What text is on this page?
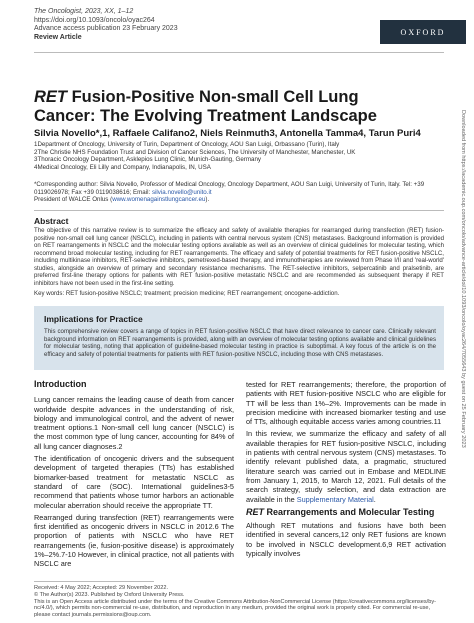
The Oncologist, 2023, XX, 1–12
https://doi.org/10.1093/oncolo/oyac264
Advance access publication 23 February 2023
Review Article
OXFORD
RET Fusion-Positive Non-small Cell Lung Cancer: The Evolving Treatment Landscape
Silvia Novello*,1, Raffaele Califano2, Niels Reinmuth3, Antonella Tamma4, Tarun Puri4
1Department of Oncology, University of Turin, Department of Oncology, AOU San Luigi, Orbassano (Turin), Italy
2The Christie NHS Foundation Trust and Division of Cancer Sciences, The University of Manchester, Manchester, UK
3Thoracic Oncology Department, Asklepios Lung Clinic, Munich-Gauting, Germany
4Medical Oncology, Eli Lilly and Company, Indianapolis, IN, USA
*Corresponding author: Silvia Novello, Professor of Medical Oncology, Oncology Department, AOU San Luigi, University of Turin, Italy. Tel: +39 0119026978; Fax +39 0119038616; Email: silvia.novello@unito.it
President of WALCE Onlus (www.womenagainstlungcancer.eu).
Abstract
The objective of this narrative review is to summarize the efficacy and safety of available therapies for rearranged during transfection (RET) fusion-positive non-small cell lung cancer (NSCLC), including in patients with central nervous system (CNS) metastases. Background information is provided on RET rearrangements in NSCLC and the molecular testing options available as well as an overview of clinical guidelines for molecular testing, which recommend broad molecular testing, including for RET rearrangements. The efficacy and safety of potential treatments for RET fusion-positive NSCLC, including multikinase inhibitors, RET-selective inhibitors, pemetrexed-based therapy, and immunotherapies are reviewed from Phase I/II and 'real-world' studies, alongside an overview of primary and secondary resistance mechanisms. The RET-selective inhibitors, selpercatinib and pralsetinib, are preferred first-line therapy options for patients with RET fusion-positive metastatic NSCLC and are recommended as subsequent therapy if RET inhibitors have not been used in the first-line setting.
Key words: RET fusion-positive NSCLC; treatment; precision medicine; RET rearrangement; oncogene-addiction.
Implications for Practice
This comprehensive review covers a range of topics in RET fusion-positive NSCLC that have direct relevance to cancer care. Clinically relevant background information on RET rearrangements is provided, along with an overview of molecular testing options available and clinical guidelines for molecular testing, noting that application of guideline-based molecular testing in practice is suboptimal. A key focus of the article is on the efficacy and safety of potential treatments for patients with RET fusion-positive NSCLC, including those with CNS metastases.
Introduction

Lung cancer remains the leading cause of death from cancer worldwide despite advances in the understanding of risk, biology and immunological control, and the advent of newer treatment options.1 Non-small cell lung cancer (NSCLC) is the most common type of lung cancer, accounting for 84% of all lung cancer diagnoses.2

The identification of oncogenic drivers and the subsequent development of targeted therapies (TTs) has established biomarker-based treatment for metastatic NSCLC as standard of care (SOC). International guidelines3-5 recommend that patients whose tumor harbors an actionable molecular aberration should receive the appropriate TT.

Rearranged during transfection (RET) rearrangements were first identified as oncogenic drivers in NSCLC in 2012.6 The proportion of patients with NSCLC who have RET rearrangements (ie, fusion-positive disease) is approximately 1%–2%.7-10 However, in clinical practice, not all patients with NSCLC are

tested for RET rearrangements; therefore, the proportion of patients with RET fusion-positive NSCLC who are eligible for TT will be less than 1%–2%. Improvements can be made in precision medicine with increased biomarker testing and use of TTs, although equitable access varies among countries.11

In this review, we summarize the efficacy and safety of all available therapies for RET fusion-positive NSCLC, including in patients with central nervous system (CNS) metastases. To identify relevant published data, a pragmatic, structured literature search was carried out in Embase and MEDLINE from January 1, 2015, to March 12, 2021. Full details of the search strategy, study selection, and data extraction are available in the Supplementary Material.

RET Rearrangements and Molecular Testing

Although RET mutations and fusions have both been identified in several cancers,12 only RET fusions are known to be involved in NSCLC development.6,9 RET activation typically involves

Received: 4 May 2022; Accepted: 29 November 2022.
© The Author(s) 2023. Published by Oxford University Press.
This is an Open Access article distributed under the terms of the Creative Commons Attribution-NonCommercial License (https://creativecommons.org/licenses/by-nc/4.0/), which permits non-commercial re-use, distribution, and reproduction in any medium, provided the original work is properly cited. For commercial re-use, please contact journals.permissions@oup.com.
Downloaded from https://academic.oup.com/oncolo/advance-article/doi/10.1093/oncolo/oyac264/7055643 by guest on 25 February 2023
